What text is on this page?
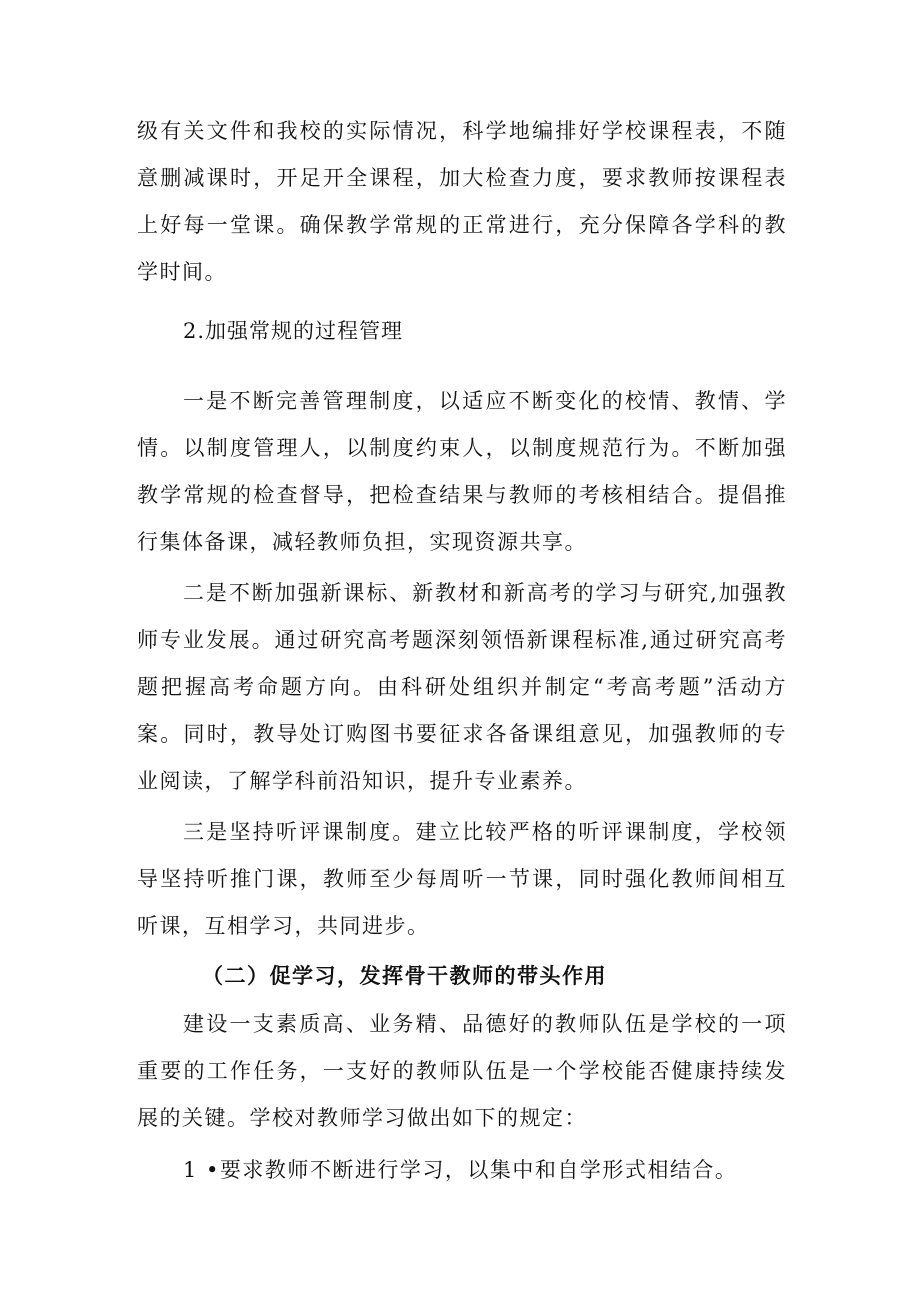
级有关文件和我校的实际情况，科学地编排好学校课程表，不随意删减课时，开足开全课程，加大检查力度，要求教师按课程表上好每一堂课。确保教学常规的正常进行，充分保障各学科的教学时间。

2.加强常规的过程管理

一是不断完善管理制度，以适应不断变化的校情、教情、学情。以制度管理人，以制度约束人，以制度规范行为。不断加强教学常规的检查督导，把检查结果与教师的考核相结合。提倡推行集体备课，减轻教师负担，实现资源共享。

二是不断加强新课标、新教材和新高考的学习与研究,加强教师专业发展。通过研究高考题深刻领悟新课程标准,通过研究高考题把握高考命题方向。由科研处组织并制定“考高考题”活动方案。同时，教导处订购图书要征求各备课组意见，加强教师的专业阅读，了解学科前沿知识，提升专业素养。

三是坚持听评课制度。建立比较严格的听评课制度，学校领导坚持听推门课，教师至少每周听一节课，同时强化教师间相互听课，互相学习，共同进步。

（二）促学习，发挥骨干教师的带头作用

建设一支素质高、业务精、品德好的教师队伍是学校的一项重要的工作任务，一支好的教师队伍是一个学校能否健康持续发展的关键。学校对教师学习做出如下的规定：

1 •要求教师不断进行学习，以集中和自学形式相结合。
